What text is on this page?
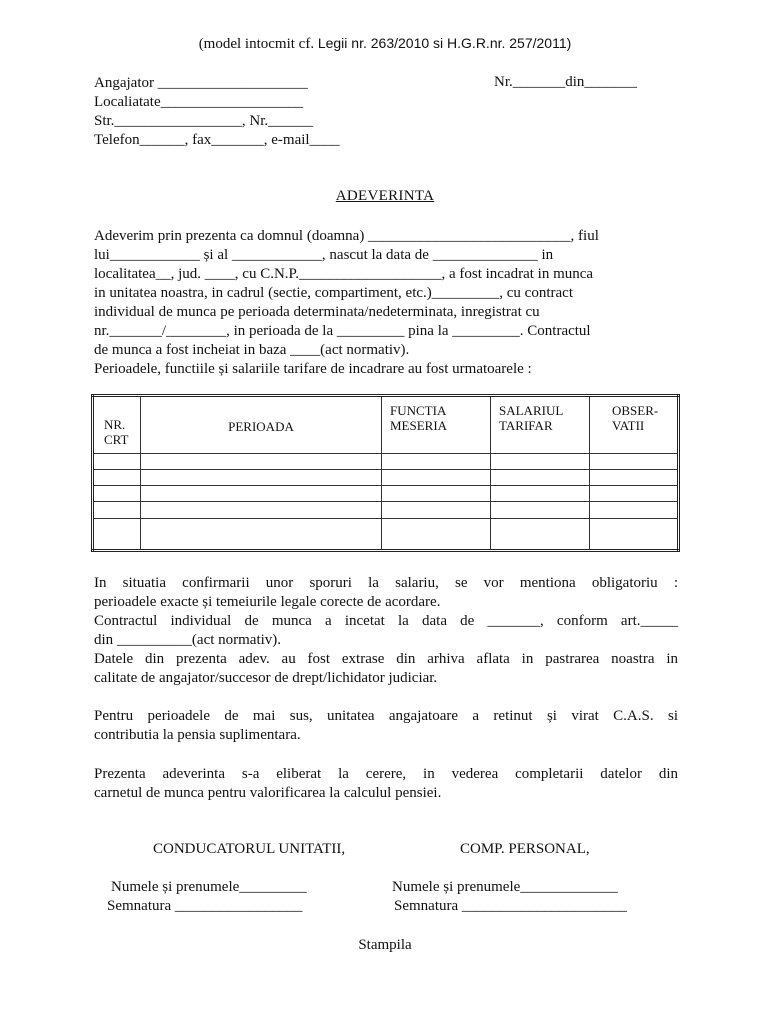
(model intocmit cf. Legii nr. 263/2010 si H.G.R.nr. 257/2011)
Angajator ____________________	Nr._______din_______
Localiatate___________________
Str._________________, Nr.______
Telefon______, fax_______, e-mail____
ADEVERINTA
Adeverim prin prezenta ca domnul (doamna) ___________________________, fiul
lui____________ și al ____________, nascut la data de ______________ in
localitatea__, jud. ____, cu C.N.P.___________________, a fost incadrat in munca
in unitatea noastra, in cadrul (sectie, compartiment, etc.)_________, cu contract
individual de munca pe perioada determinata/nedeterminata, inregistrat cu
nr._______/________, in perioada de la _________ pina la _________. Contractul
de munca a fost incheiat in baza ____(act normativ).
Perioadele, functiile și salariile tarifare de incadrare au fost urmatoarele :
NR. CRT	PERIOADA	FUNCTIA MESERIA	SALARIUL TARIFAR	OBSER-VATII

In situatia confirmarii unor sporuri la salariu, se vor mentiona obligatoriu :
perioadele exacte și temeiurile legale corecte de acordare.
Contractul individual de munca a incetat la data de _______, conform art._____
din __________(act normativ).
Datele din prezenta adev. au fost extrase din arhiva aflata in pastrarea noastra in
calitate de angajator/succesor de drept/lichidator judiciar.
Pentru perioadele de mai sus, unitatea angajatoare a retinut și virat C.A.S. si
contributia la pensia suplimentara.
Prezenta adeverinta s-a eliberat la cerere, in vederea completarii datelor din
carnetul de munca pentru valorificarea la calculul pensiei.
CONDUCATORUL UNITATII,	COMP. PERSONAL,
Numele și prenumele_________
Semnatura _________________
Numele și prenumele_____________
Semnatura ______________________
Stampila
